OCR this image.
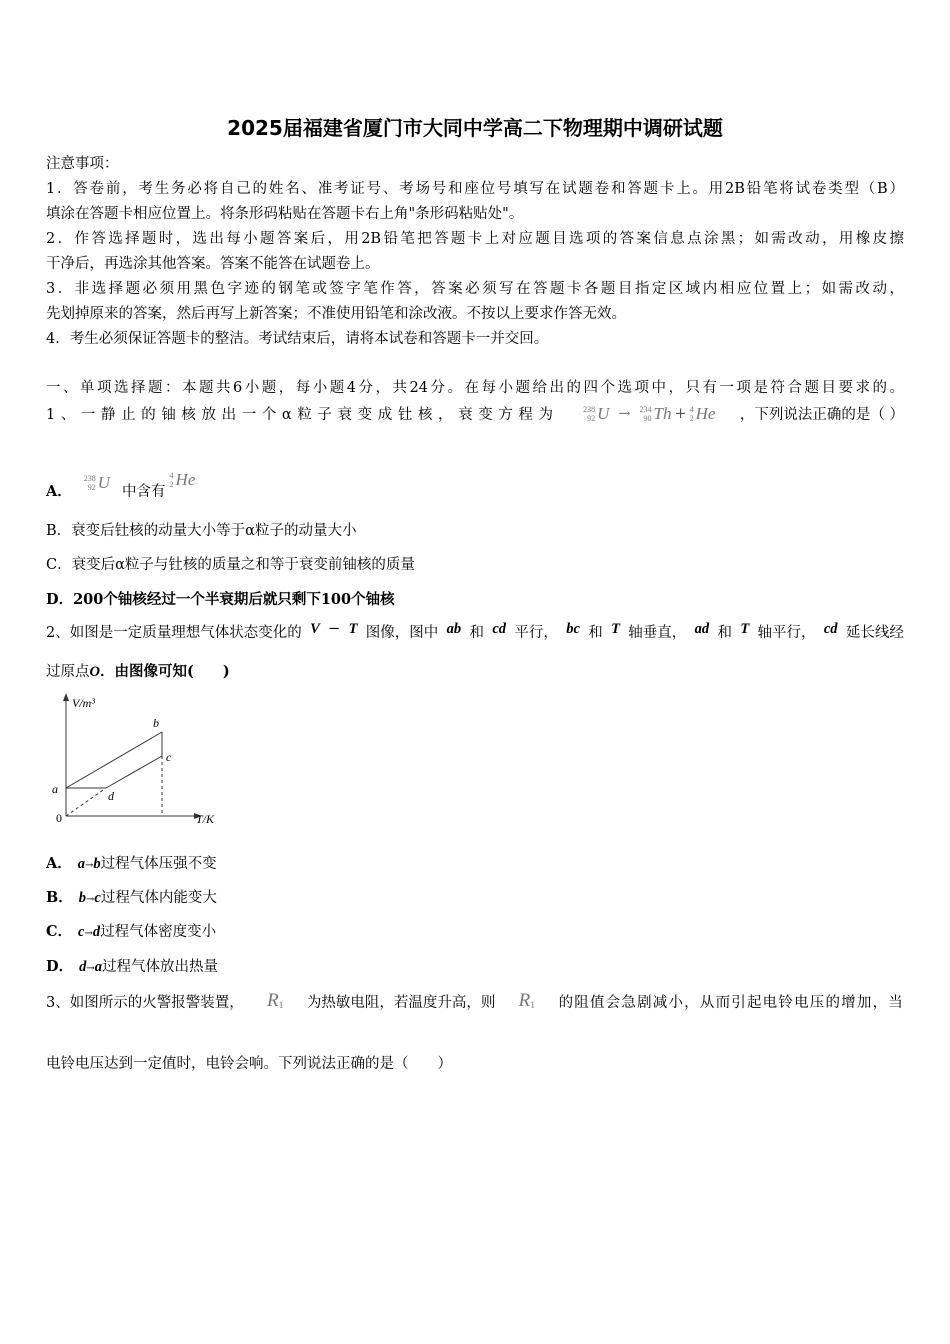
2025届福建省厦门市大同中学高二下物理期中调研试题
注意事项：
1．答卷前，考生务必将自己的姓名、准考证号、考场号和座位号填写在试题卷和答题卡上。用2B铅笔将试卷类型（B）
填涂在答题卡相应位置上。将条形码粘贴在答题卡右上角"条形码粘贴处"。
2．作答选择题时，选出每小题答案后，用2B铅笔把答题卡上对应题目选项的答案信息点涂黑；如需改动，用橡皮擦
干净后，再选涂其他答案。答案不能答在试题卷上。
3．非选择题必须用黑色字迹的钢笔或签字笔作答，答案必须写在答题卡各题目指定区域内相应位置上；如需改动，
先划掉原来的答案，然后再写上新答案；不准使用铅笔和涂改液。不按以上要求作答无效。
4．考生必须保证答题卡的整洁。考试结束后，请将本试卷和答题卡一并交回。
一、单项选择题：本题共6小题，每小题4分，共24分。在每小题给出的四个选项中，只有一项是符合题目要求的。
1、一静止的铀核放出一个α粒子衰变成钍核，衰变方程为	238
92 U → 234
90 Th + 4
2 He ，下列说法正确的是（ ）
A．
238
92 U
中含有
4
2 He
B．衰变后钍核的动量大小等于α粒子的动量大小
C．衰变后α粒子与钍核的质量之和等于衰变前铀核的质量
D．200个铀核经过一个半衰期后就只剩下100个铀核
2、如图是一定质量理想气体状态变化的 V − T 图像，图中 ab 和 cd 平行， bc 和 T 轴垂直， ad 和 T 轴平行， cd 延长线经
过原点O．由图像可知(　　)
V/m³
T/K
0
a
b
c
d
A． a→b过程气体压强不变
B． b→c过程气体内能变大
C． c→d过程气体密度变小
D． d→a过程气体放出热量
3、如图所示的火警报警装置， R 1 为热敏电阻，若温度升高，则 R 1 的阻值会急剧减小，从而引起电铃电压的增加，当
电铃电压达到一定值时，电铃会响。下列说法正确的是（　　）
